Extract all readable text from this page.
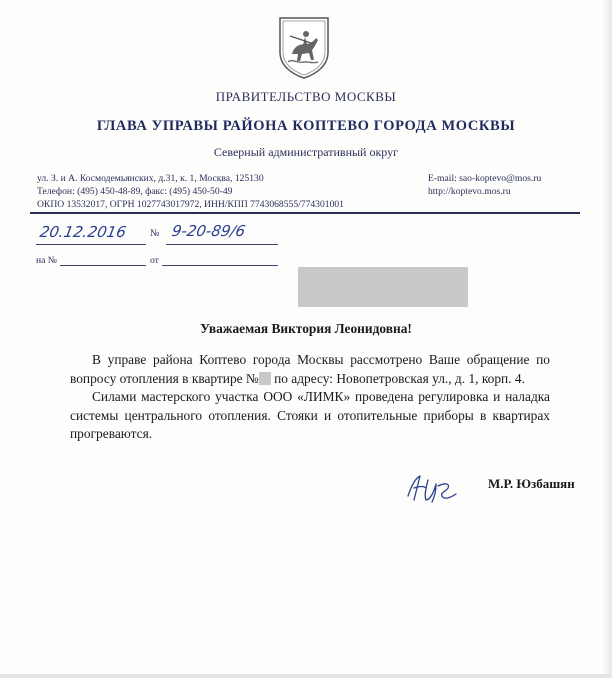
ПРАВИТЕЛЬСТВО МОСКВЫ
ГЛАВА УПРАВЫ РАЙОНА КОПТЕВО ГОРОДА МОСКВЫ
Северный административный округ
ул. З. и А. Космодемьянских, д.31, к. 1, Москва, 125130
Телефон: (495) 450-48-89, факс: (495) 450-50-49
ОКПО 13532017, ОГРН 1027743017972, ИНН/КПП 7743068555/774301001
E-mail: sao-koptevo@mos.ru
http://koptevo.mos.ru
20.12.2016 № 9-20-89/6
на №	от
Уважаемая Виктория Леонидовна!

В управе района Коптево города Москвы рассмотрено Ваше обращение по вопросу отопления в квартире № по адресу: Новопетровская ул., д. 1, корп. 4.

Силами мастерского участка ООО «ЛИМК» проведена регулировка и наладка системы центрального отопления. Стояки и отопительные приборы в квартирах прогреваются.

М.Р. Юзбашян
